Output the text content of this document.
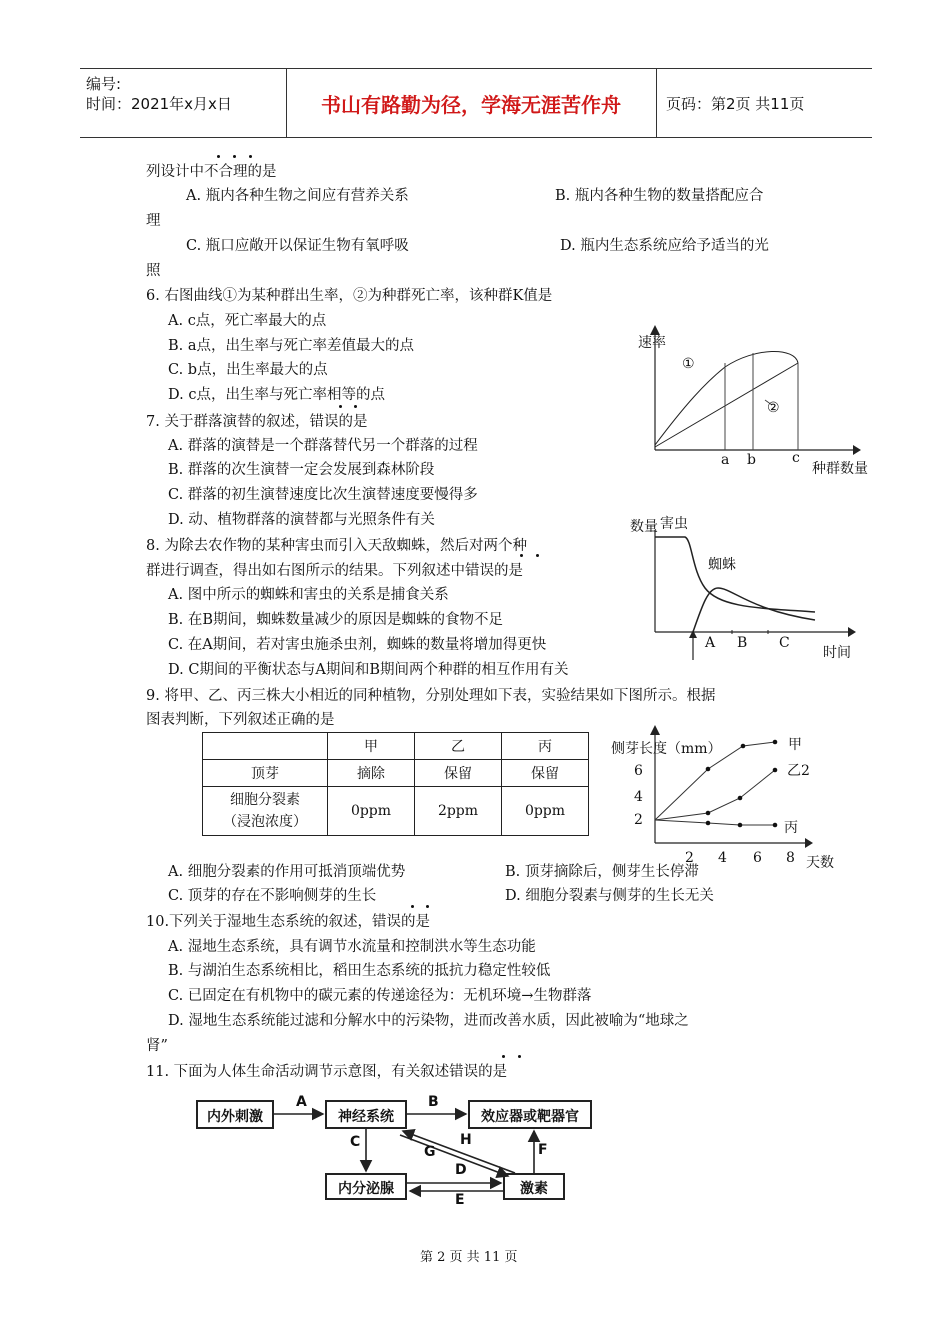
编号:
时间：2021年x月x日	书山有路勤为径，学海无涯苦作舟	页码：第2页 共11页
列设计中不合理的是
A. 瓶内各种生物之间应有营养关系	B. 瓶内各种生物的数量搭配应合
理
C. 瓶口应敞开以保证生物有氧呼吸	D. 瓶内生态系统应给予适当的光
照
6. 右图曲线①为某种群出生率，②为种群死亡率，该种群K值是
A. c点，死亡率最大的点
B. a点，出生率与死亡率差值最大的点
C. b点，出生率最大的点
D. c点，出生率与死亡率相等的点
速率
种群数量
①
②
a b	c
7. 关于群落演替的叙述，错误的是
A. 群落的演替是一个群落替代另一个群落的过程
B. 群落的次生演替一定会发展到森林阶段
C. 群落的初生演替速度比次生演替速度要慢得多
D. 动、植物群落的演替都与光照条件有关
8. 为除去农作物的某种害虫而引入天敌蜘蛛，然后对两个种
群进行调查，得出如右图所示的结果。下列叙述中错误的是
A. 图中所示的蜘蛛和害虫的关系是捕食关系
B. 在B期间，蜘蛛数量减少的原因是蜘蛛的食物不足
C. 在A期间，若对害虫施杀虫剂，蜘蛛的数量将增加得更快
D. C期间的平衡状态与A期间和B期间两个种群的相互作用有关
数量 害虫
蜘蛛
A B C
时间
9. 将甲、乙、丙三株大小相近的同种植物，分别处理如下表，实验结果如下图所示。根据
图表判断，下列叙述正确的是
	甲	乙	丙
顶芽	摘除	保留	保留

细胞分裂素
（浸泡浓度）	0ppm	2ppm	0ppm
侧芽长度（mm）
6
4
2
2 4 6 8 天数
甲
乙2
丙
A. 细胞分裂素的作用可抵消顶端优势	B. 顶芽摘除后，侧芽生长停滞
C. 顶芽的存在不影响侧芽的生长	D. 细胞分裂素与侧芽的生长无关
10.下列关于湿地生态系统的叙述，错误的是
A. 湿地生态系统，具有调节水流量和控制洪水等生态功能
B. 与湖泊生态系统相比，稻田生态系统的抵抗力稳定性较低
C. 已固定在有机物中的碳元素的传递途径为：无机环境→生物群落
D. 湿地生态系统能过滤和分解水中的污染物，进而改善水质，因此被喻为“地球之
肾”
11. 下面为人体生命活动调节示意图，有关叙述错误的是
内外刺激	神经系统	效应器或靶器官
内分泌腺	激素
A	B
C	H
G
D
F
E
第 2 页 共 11 页
